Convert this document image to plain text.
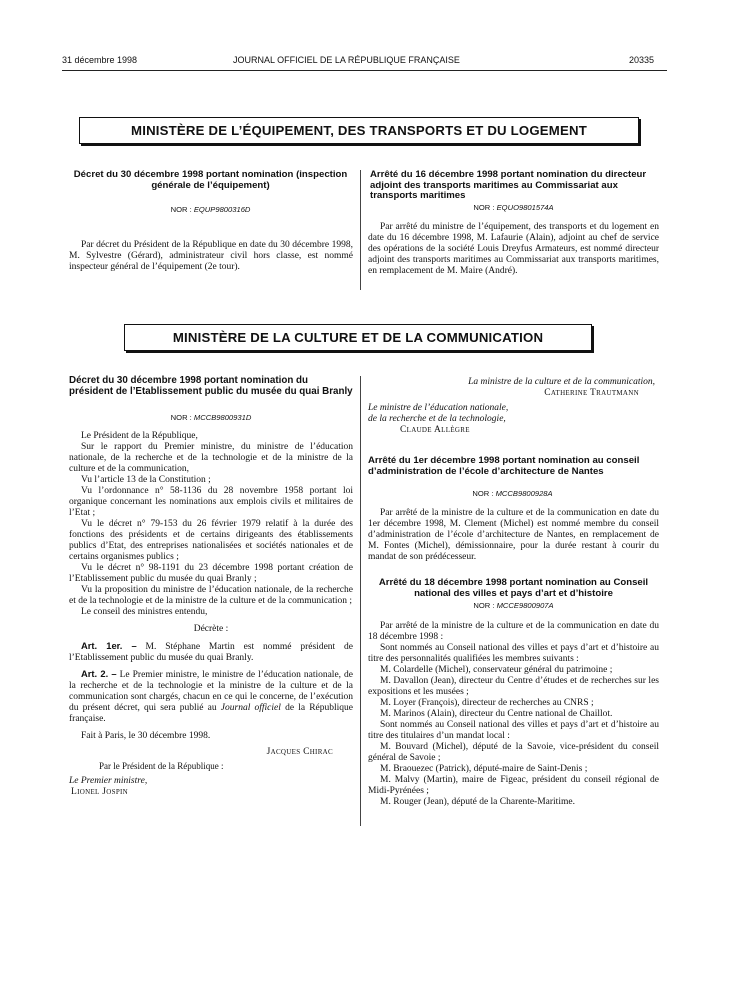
31 décembre 1998	JOURNAL OFFICIEL DE LA RÉPUBLIQUE FRANÇAISE	20335
MINISTÈRE DE L’ÉQUIPEMENT, DES TRANSPORTS ET DU LOGEMENT
Décret du 30 décembre 1998 portant nomination (inspection générale de l’équipement)
NOR : EQUP9800316D

Par décret du Président de la République en date du 30 décembre 1998, M. Sylvestre (Gérard), administrateur civil hors classe, est nommé inspecteur général de l’équipement (2e tour).

Arrêté du 16 décembre 1998 portant nomination du directeur adjoint des transports maritimes au Commissariat aux transports maritimes
NOR : EQUO9801574A

Par arrêté du ministre de l’équipement, des transports et du logement en date du 16 décembre 1998, M. Lafaurie (Alain), adjoint au chef de service des opérations de la société Louis Dreyfus Armateurs, est nommé directeur adjoint des transports maritimes au Commissariat aux transports maritimes, en remplacement de M. Maire (André).

MINISTÈRE DE LA CULTURE ET DE LA COMMUNICATION
Décret du 30 décembre 1998 portant nomination du président de l’Etablissement public du musée du quai Branly
NOR : MCCB9800931D

Le Président de la République,

Sur le rapport du Premier ministre, du ministre de l’éducation nationale, de la recherche et de la technologie et de la ministre de la culture et de la communication,

Vu l’article 13 de la Constitution ;

Vu l’ordonnance n° 58-1136 du 28 novembre 1958 portant loi organique concernant les nominations aux emplois civils et militaires de l’Etat ;

Vu le décret n° 79-153 du 26 février 1979 relatif à la durée des fonctions des présidents et de certains dirigeants des établissements publics d’Etat, des entreprises nationalisées et sociétés nationales et de certains organismes publics ;

Vu le décret n° 98-1191 du 23 décembre 1998 portant création de l’Etablissement public du musée du quai Branly ;

Vu la proposition du ministre de l’éducation nationale, de la recherche et de la technologie et de la ministre de la culture et de la communication ;

Le conseil des ministres entendu,

Décrète :

Art. 1er. – M. Stéphane Martin est nommé président de l’Etablissement public du musée du quai Branly.

Art. 2. – Le Premier ministre, le ministre de l’éducation nationale, de la recherche et de la technologie et la ministre de la culture et de la communication sont chargés, chacun en ce qui le concerne, de l’exécution du présent décret, qui sera publié au Journal officiel de la République française.

Fait à Paris, le 30 décembre 1998.

Jacques Chirac
Par le Président de la République :
Le Premier ministre,
Lionel Jospin
La ministre de la culture et de la communication,
Catherine Trautmann
Le ministre de l’éducation nationale,
de la recherche et de la technologie,
Claude Allègre
Arrêté du 1er décembre 1998 portant nomination au conseil d’administration de l’école d’architecture de Nantes
NOR : MCCB9800928A

Par arrêté de la ministre de la culture et de la communication en date du 1er décembre 1998, M. Clement (Michel) est nommé membre du conseil d’administration de l’école d’architecture de Nantes, en remplacement de M. Fontes (Michel), démissionnaire, pour la durée restant à courir du mandat de son prédécesseur.

Arrêté du 18 décembre 1998 portant nomination au Conseil national des villes et pays d’art et d’histoire
NOR : MCCE9800907A

Par arrêté de la ministre de la culture et de la communication en date du 18 décembre 1998 :

Sont nommés au Conseil national des villes et pays d’art et d’histoire au titre des personnalités qualifiées les membres suivants :

M. Colardelle (Michel), conservateur général du patrimoine ;

M. Davallon (Jean), directeur du Centre d’études et de recherches sur les expositions et les musées ;

M. Loyer (François), directeur de recherches au CNRS ;

M. Marinos (Alain), directeur du Centre national de Chaillot.

Sont nommés au Conseil national des villes et pays d’art et d’histoire au titre des titulaires d’un mandat local :

M. Bouvard (Michel), député de la Savoie, vice-président du conseil général de Savoie ;

M. Braouezec (Patrick), député-maire de Saint-Denis ;

M. Malvy (Martin), maire de Figeac, président du conseil régional de Midi-Pyrénées ;

M. Rouger (Jean), député de la Charente-Maritime.
